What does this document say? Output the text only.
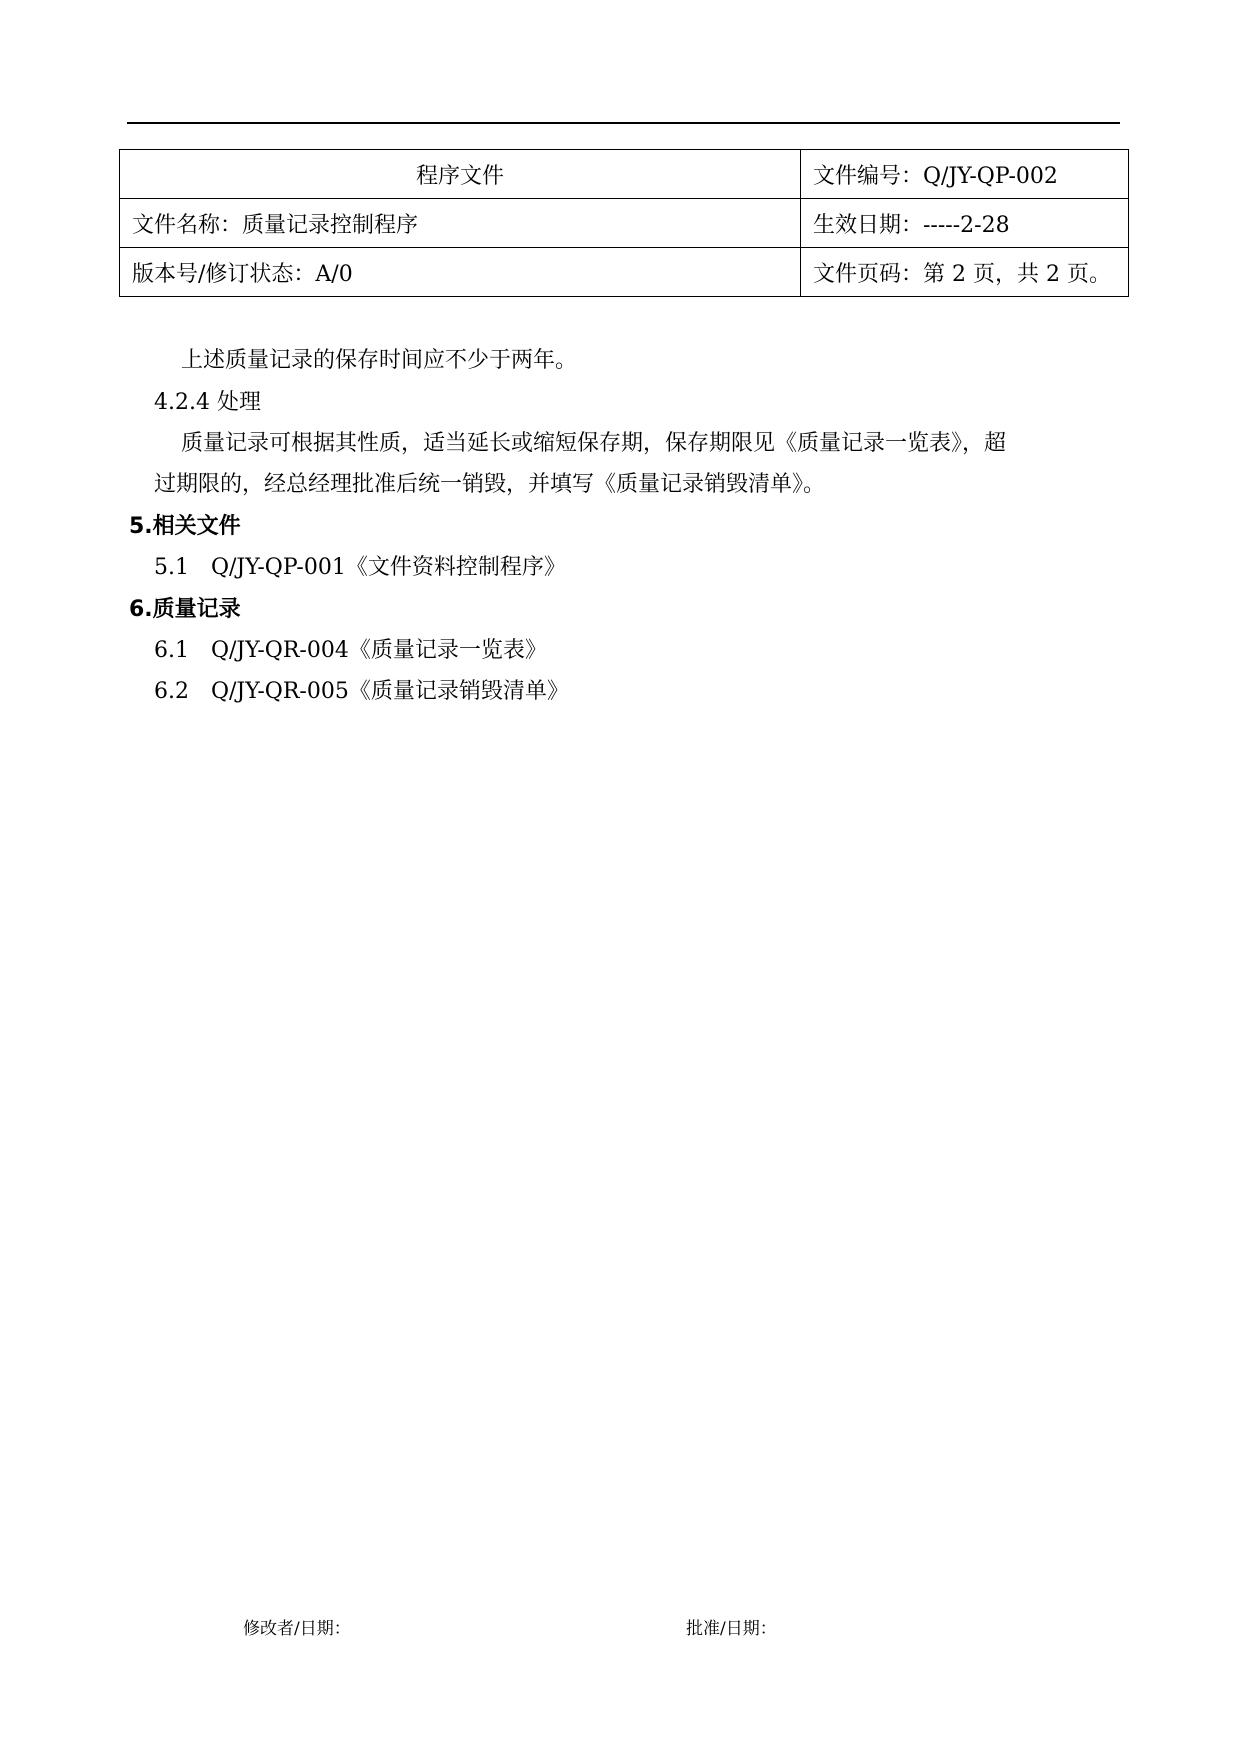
程序文件	文件编号：Q/JY-QP-002
文件名称：质量记录控制程序	生效日期：-----2-28
版本号/修订状态：A/0	文件页码：第 2 页，共 2 页。
上述质量记录的保存时间应不少于两年。
4.2.4 处理
质量记录可根据其性质，适当延长或缩短保存期，保存期限见《质量记录一览表》，超
过期限的，经总经理批准后统一销毁，并填写《质量记录销毁清单》。
5.相关文件
5.1　Q/JY-QP-001《文件资料控制程序》
6.质量记录
6.1　Q/JY-QR-004《质量记录一览表》
6.2　Q/JY-QR-005《质量记录销毁清单》
修改者/日期：	批准/日期：
